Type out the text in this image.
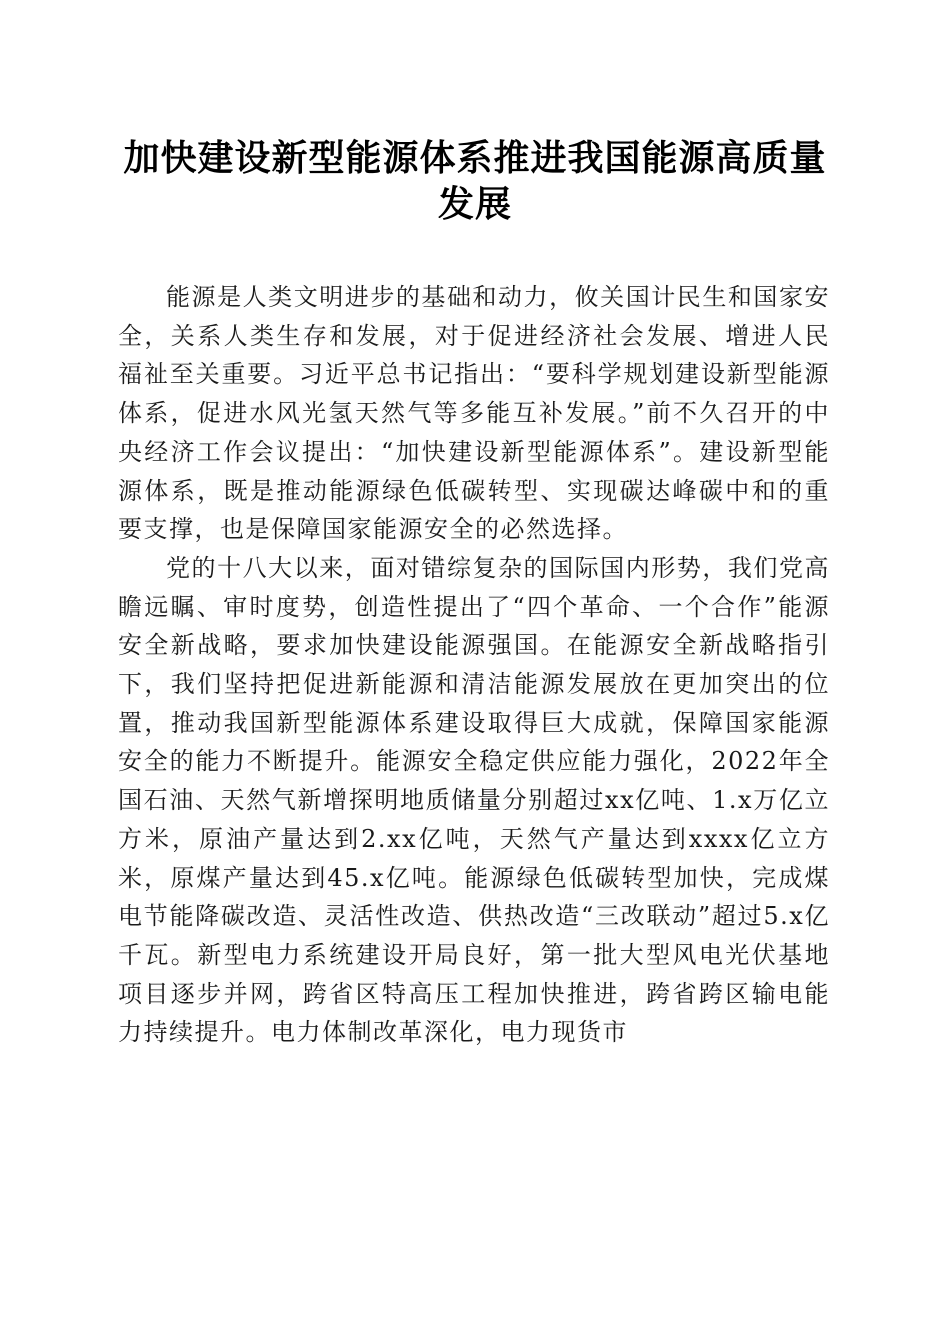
加快建设新型能源体系推进我国能源高质量发展

能源是人类文明进步的基础和动力，攸关国计民生和国家安全，关系人类生存和发展，对于促进经济社会发展、增进人民福祉至关重要。习近平总书记指出：“要科学规划建设新型能源体系，促进水风光氢天然气等多能互补发展。”前不久召开的中央经济工作会议提出：“加快建设新型能源体系”。建设新型能源体系，既是推动能源绿色低碳转型、实现碳达峰碳中和的重要支撑，也是保障国家能源安全的必然选择。

党的十八大以来，面对错综复杂的国际国内形势，我们党高瞻远瞩、审时度势，创造性提出了“四个革命、一个合作”能源安全新战略，要求加快建设能源强国。在能源安全新战略指引下，我们坚持把促进新能源和清洁能源发展放在更加突出的位置，推动我国新型能源体系建设取得巨大成就，保障国家能源安全的能力不断提升。能源安全稳定供应能力强化，2022年全国石油、天然气新增探明地质储量分别超过xx亿吨、1.x万亿立方米，原油产量达到2.xx亿吨，天然气产量达到xxxx亿立方米，原煤产量达到45.x亿吨。能源绿色低碳转型加快，完成煤电节能降碳改造、灵活性改造、供热改造“三改联动”超过5.x亿千瓦。新型电力系统建设开局良好，第一批大型风电光伏基地项目逐步并网，跨省区特高压工程加快推进，跨省跨区输电能力持续提升。电力体制改革深化，电力现货市
